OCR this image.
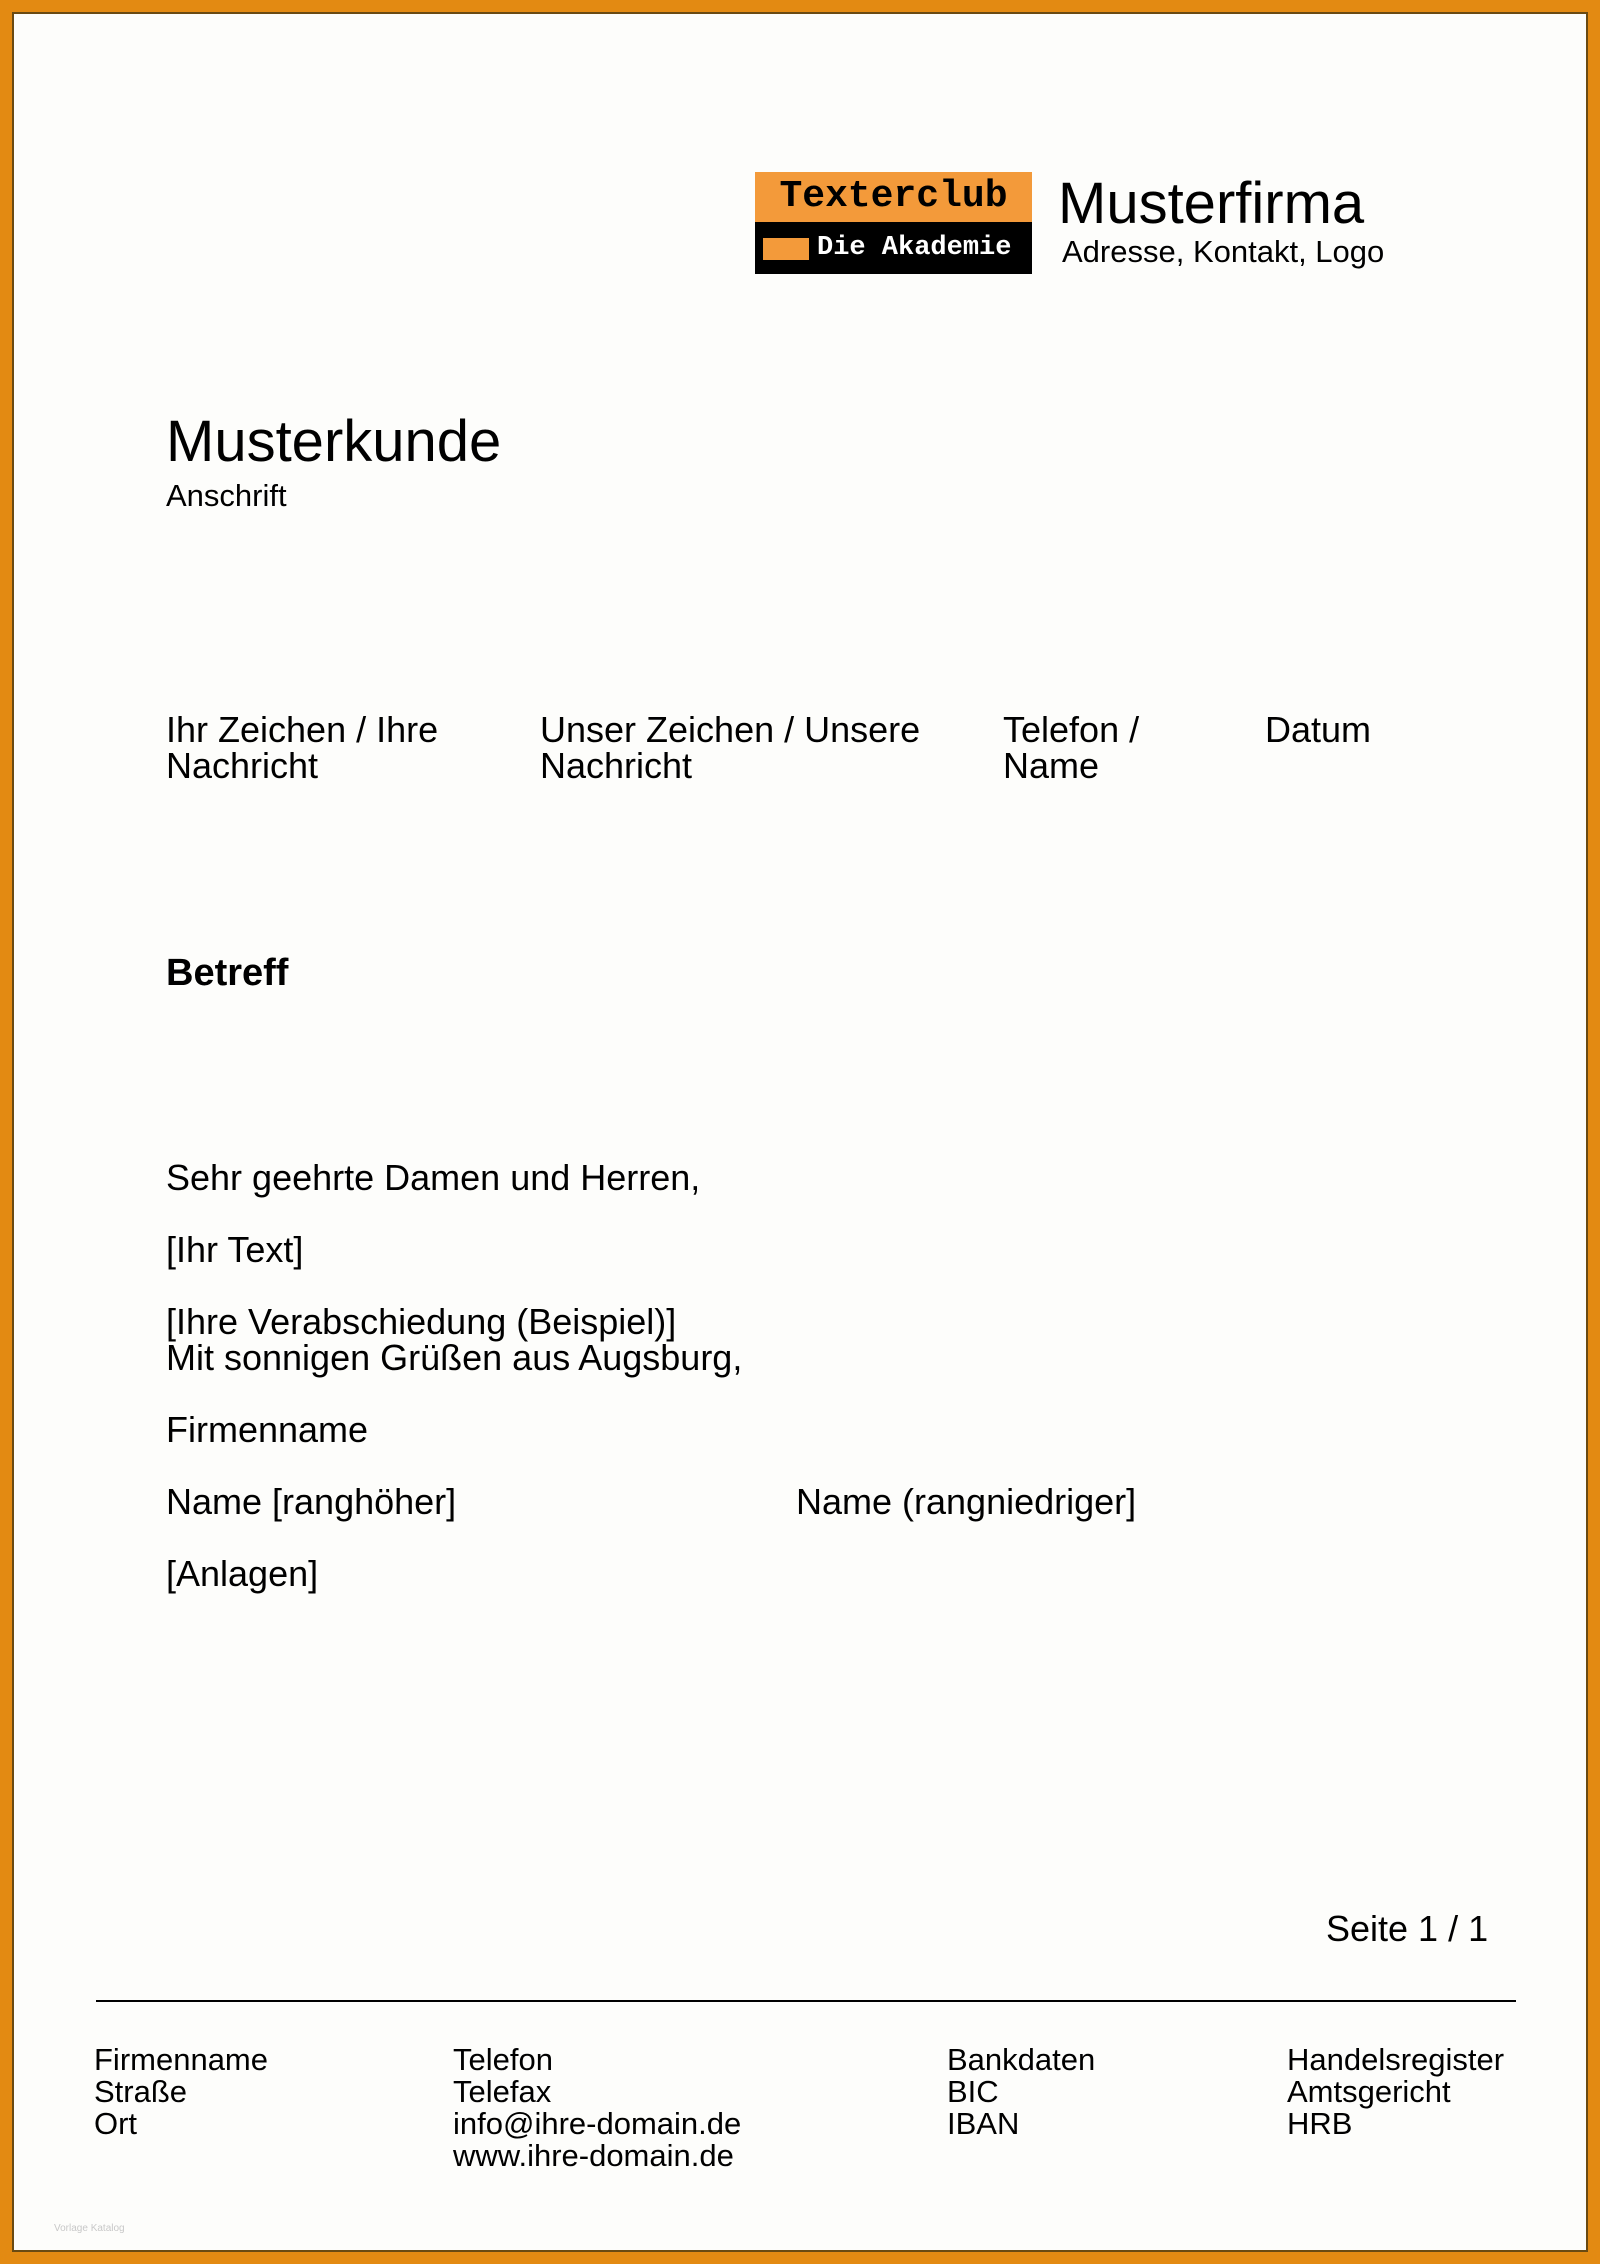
Texterclub
Die Akademie
Musterfirma
Adresse, Kontakt, Logo
Musterkunde
Anschrift
Ihr Zeichen / Ihre Nachricht
Unser Zeichen / Unsere Nachricht
Telefon / Name
Datum
Betreff
Sehr geehrte Damen und Herren,
[Ihr Text]
[Ihre Verabschiedung (Beispiel)]
Mit sonnigen Grüßen aus Augsburg,
Firmenname
Name [ranghöher]	Name (rangniedriger]
[Anlagen]
Seite 1 / 1
Firmenname
Straße
Ort
Telefon
Telefax
info@ihre-domain.de
www.ihre-domain.de
Bankdaten
BIC
IBAN
Handelsregister
Amtsgericht
HRB
Vorlage Katalog
